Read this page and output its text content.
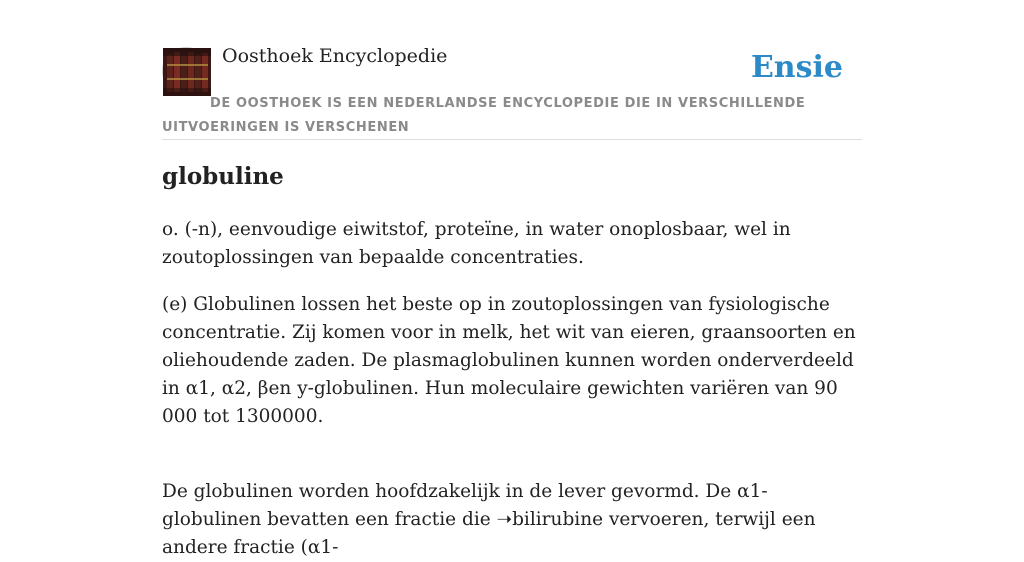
Oosthoek Encyclopedie	Ensie
DE OOSTHOEK IS EEN NEDERLANDSE ENCYCLOPEDIE DIE IN VERSCHILLENDE UITVOERINGEN IS VERSCHENEN
globuline

o. (-n), eenvoudige eiwitstof, proteïne, in water onoplosbaar, wel in zoutoplossingen van bepaalde concentraties.

(e) Globulinen lossen het beste op in zoutoplossingen van fysiologische concentratie. Zij komen voor in melk, het wit van eieren, graansoorten en oliehoudende zaden. De plasmaglobulinen kunnen worden onderverdeeld in α1, α2, βen y-globulinen. Hun moleculaire gewichten variëren van 90 000 tot 1300000.

De globulinen worden hoofdzakelijk in de lever gevormd. De α1-globulinen bevatten een fractie die ➝bilirubine vervoeren, terwijl een andere fractie (α1-
